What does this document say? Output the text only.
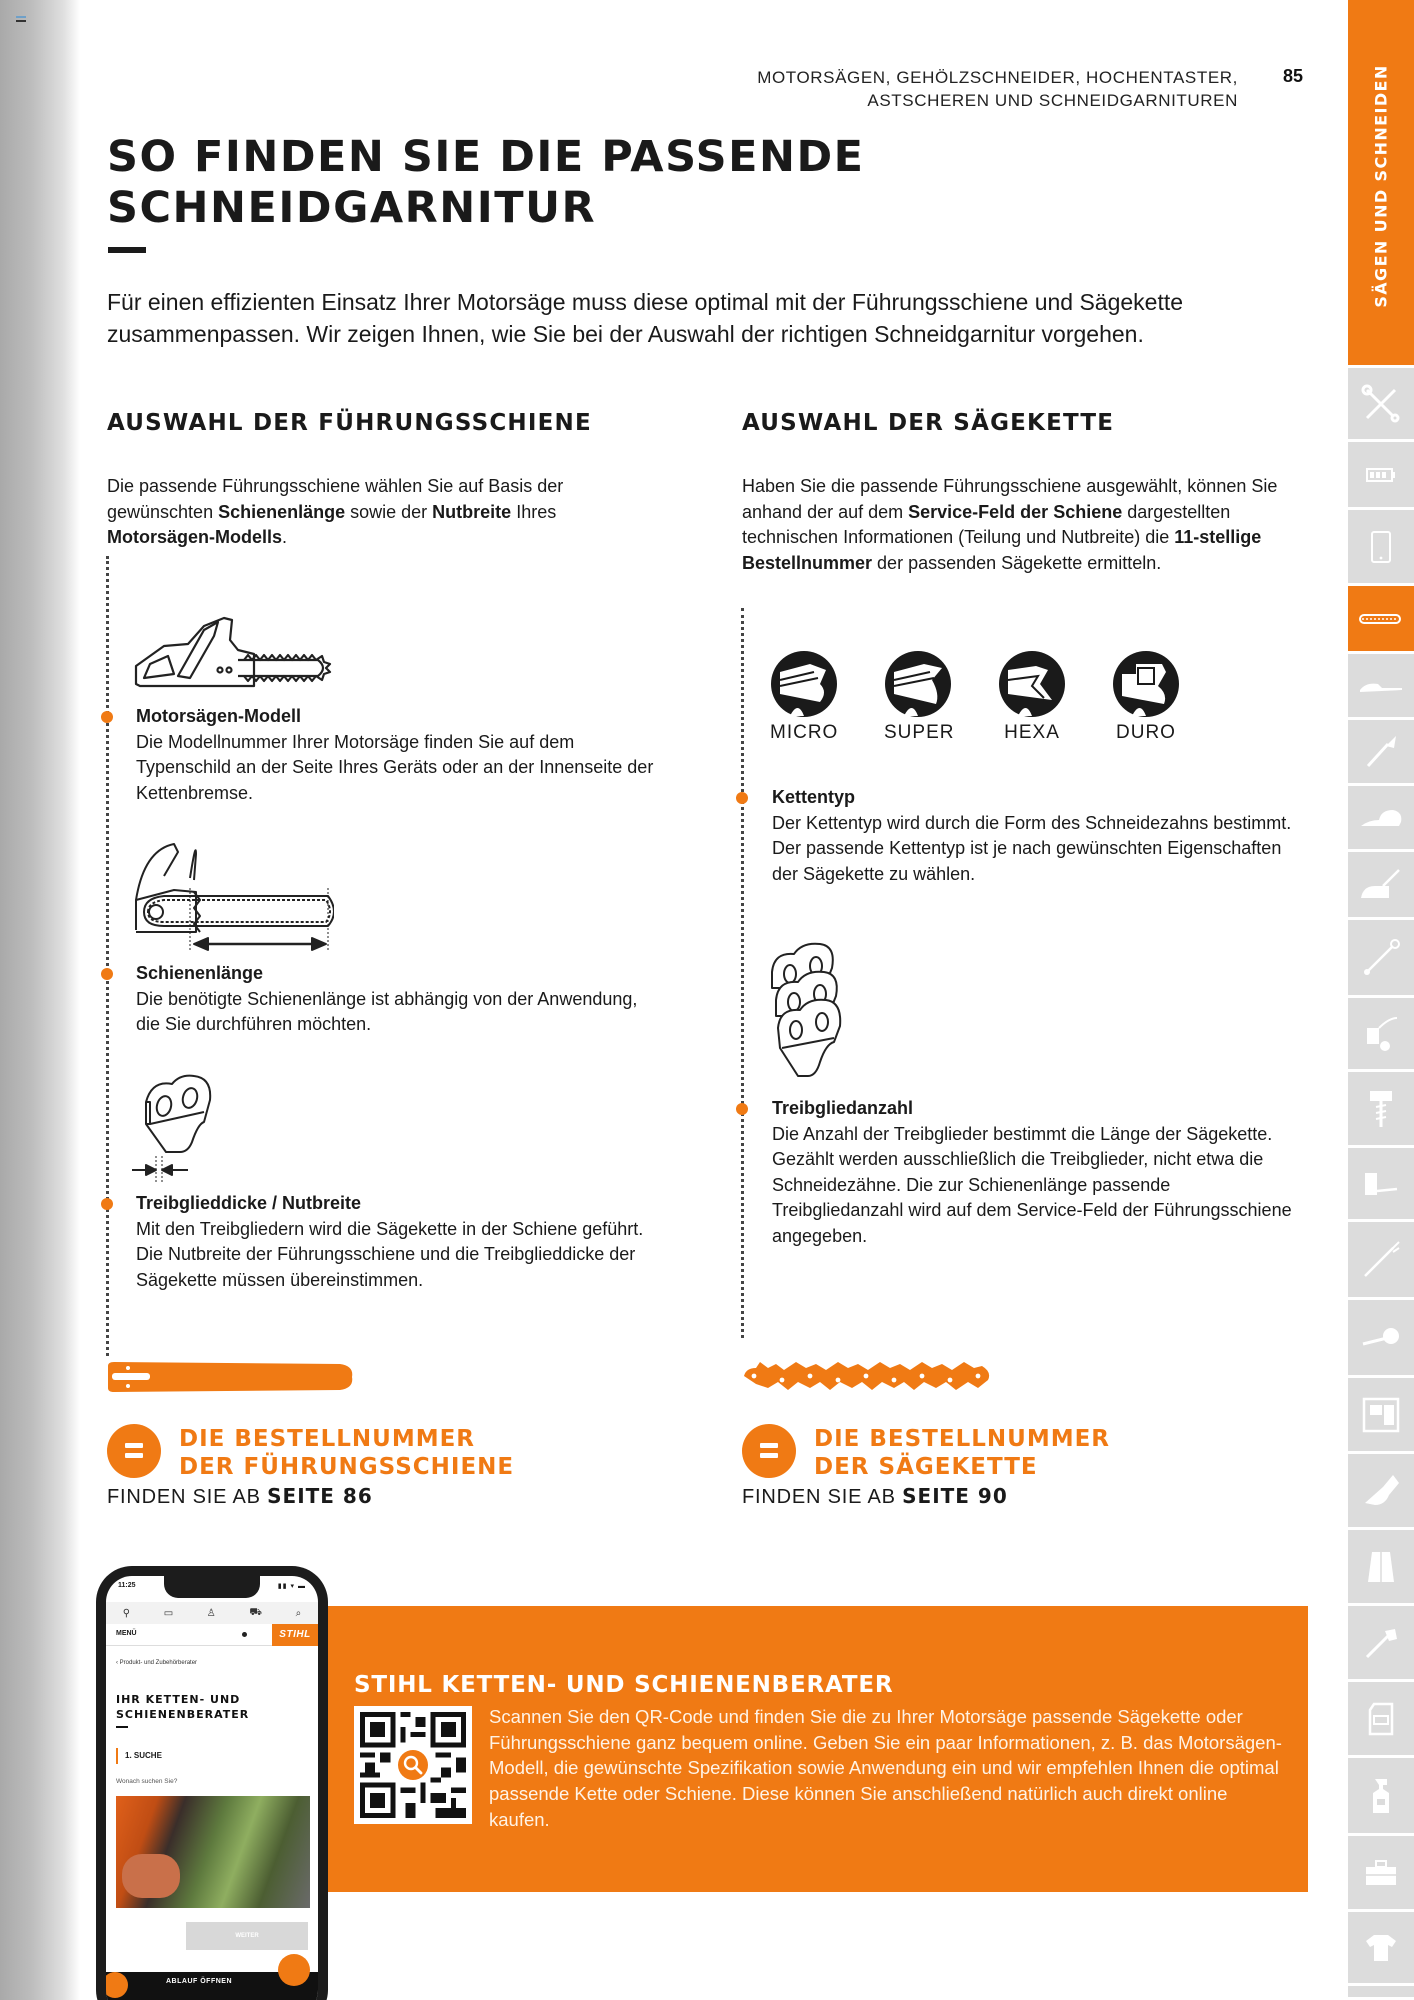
MOTORSÄGEN, GEHÖLZSCHNEIDER, HOCHENTASTER,
ASTSCHEREN UND SCHNEIDGARNITUREN
85
SO FINDEN SIE DIE PASSENDE
SCHNEIDGARNITUR
Für einen effizienten Einsatz Ihrer Motorsäge muss diese optimal mit der Führungsschiene und Sägekette
zusammenpassen. Wir zeigen Ihnen, wie Sie bei der Auswahl der richtigen Schneidgarnitur vorgehen.
AUSWAHL DER FÜHRUNGSSCHIENE
Die passende Führungsschiene wählen Sie auf Basis der gewünschten Schienenlänge sowie der Nutbreite Ihres Motorsägen-Modells.
Motorsägen-Modell
Die Modellnummer Ihrer Motorsäge finden Sie auf dem Typenschild an der Seite Ihres Geräts oder an der Innenseite der Kettenbremse.
Schienenlänge
Die benötigte Schienenlänge ist abhängig von der Anwendung, die Sie durchführen möchten.
Treibglieddicke / Nutbreite
Mit den Treibgliedern wird die Sägekette in der Schiene geführt. Die Nutbreite der Führungsschiene und die Treibglieddicke der Sägekette müssen übereinstimmen.
DIE BESTELLNUMMER
DER FÜHRUNGSSCHIENE
FINDEN SIE AB SEITE 86
AUSWAHL DER SÄGEKETTE
Haben Sie die passende Führungsschiene ausgewählt, können Sie anhand der auf dem Service-Feld der Schiene dargestellten technischen Informationen (Teilung und Nutbreite) die 11-stellige Bestellnummer der passenden Sägekette ermitteln.
MICRO SUPER	HEXA	DURO
Kettentyp
Der Kettentyp wird durch die Form des Schneidezahns bestimmt. Der passende Kettentyp ist je nach gewünschten Eigenschaften der Sägekette zu wählen.
Treibgliedanzahl
Die Anzahl der Treibglieder bestimmt die Länge der Sägekette. Gezählt werden ausschließlich die Treibglieder, nicht etwa die Schneidezähne. Die zur Schienenlänge passende Treibgliedanzahl wird auf dem Service-Feld der Führungsschiene angegeben.
DIE BESTELLNUMMER
DER SÄGEKETTE
FINDEN SIE AB SEITE 90
STIHL KETTEN- UND SCHIENENBERATER
Scannen Sie den QR-Code und finden Sie die zu Ihrer Motorsäge passende Sägekette oder Führungsschiene ganz bequem online. Geben Sie ein paar Informationen, z. B. das Motorsägen-Modell, die gewünschte Spezifikation sowie Anwendung ein und wir empfehlen Ihnen die optimal passende Kette oder Schiene. Diese können Sie anschließend natürlich auch direkt online kaufen.
11:25	▮▮ ▾ ▬
⚲	▭	♙	⛟	⌕
MENÜ	STIHL
‹ Produkt- und Zubehörberater
IHR KETTEN- UND
SCHIENENBERATER
1. SUCHE
Wonach suchen Sie?
WEITER
ABLAUF ÖFFNEN
SÄGEN UND SCHNEIDEN
